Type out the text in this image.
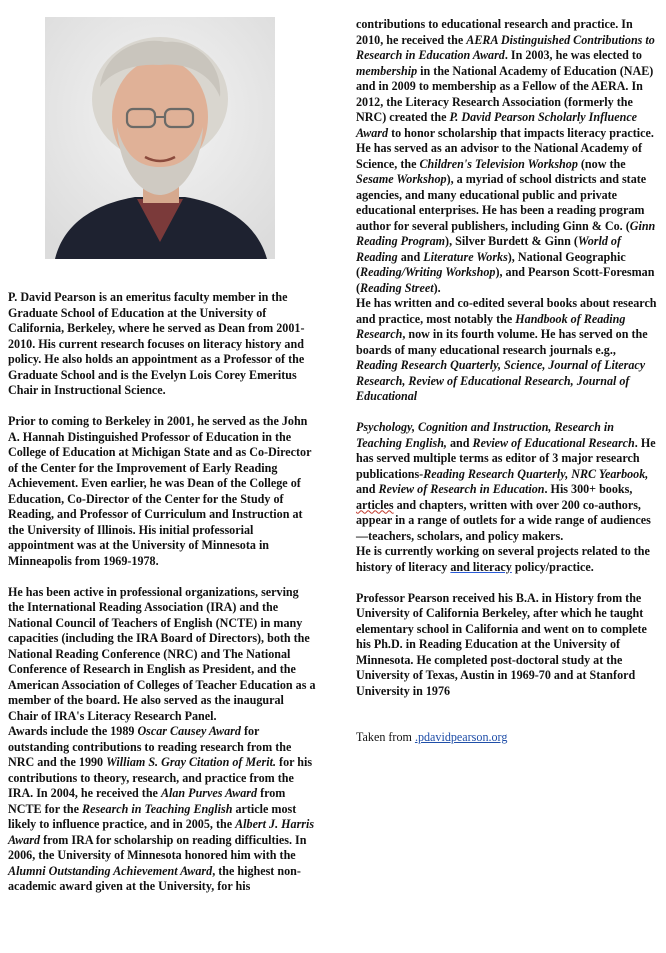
P. David Pearson is an emeritus faculty member in the Graduate School of Education at the University of California, Berkeley, where he served as Dean from 2001-2010. His current research focuses on literacy history and policy. He also holds an appointment as a Professor of the Graduate School and is the Evelyn Lois Corey Emeritus Chair in Instructional Science.

Prior to coming to Berkeley in 2001, he served as the John A. Hannah Distinguished Professor of Education in the College of Education at Michigan State and as Co-Director of the Center for the Improvement of Early Reading Achievement. Even earlier, he was Dean of the College of Education, Co-Director of the Center for the Study of Reading, and Professor of Curriculum and Instruction at the University of Illinois. His initial professorial appointment was at the University of Minnesota in Minneapolis from 1969-1978.

He has been active in professional organizations, serving the International Reading Association (IRA) and the National Council of Teachers of English (NCTE) in many capacities (including the IRA Board of Directors), both the National Reading Conference (NRC) and The National Conference of Research in English as President, and the American Association of Colleges of Teacher Education as a member of the board. He also served as the inaugural Chair of IRA's Literacy Research Panel.

Awards include the 1989 Oscar Causey Award for outstanding contributions to reading research from the NRC and the 1990 William S. Gray Citation of Merit. for his contributions to theory, research, and practice from the IRA. In 2004, he received the Alan Purves Award from NCTE for the Research in Teaching English article most likely to influence practice, and in 2005, the Albert J. Harris Award from IRA for scholarship on reading difficulties. In 2006, the University of Minnesota honored him with the Alumni Outstanding Achievement Award, the highest non-academic award given at the University, for his

contributions to educational research and practice. In 2010, he received the AERA Distinguished Contributions to Research in Education Award. In 2003, he was elected to membership in the National Academy of Education (NAE) and in 2009 to membership as a Fellow of the AERA. In 2012, the Literacy Research Association (formerly the NRC) created the P. David Pearson Scholarly Influence Award to honor scholarship that impacts literacy practice.

He has served as an advisor to the National Academy of Science, the Children's Television Workshop (now the Sesame Workshop), a myriad of school districts and state agencies, and many educational public and private educational enterprises. He has been a reading program author for several publishers, including Ginn & Co. (Ginn Reading Program), Silver Burdett & Ginn (World of Reading and Literature Works), National Geographic (Reading/Writing Workshop), and Pearson Scott-Foresman (Reading Street).

He has written and co-edited several books about research and practice, most notably the Handbook of Reading Research, now in its fourth volume. He has served on the boards of many educational research journals e.g., Reading Research Quarterly, Science, Journal of Literacy Research, Review of Educational Research, Journal of Educational

Psychology, Cognition and Instruction, Research in Teaching English, and Review of Educational Research. He has served multiple terms as editor of 3 major research publications-Reading Research Quarterly, NRC Yearbook, and Review of Research in Education. His 300+ books, articles and chapters, written with over 200 co-authors, appear in a range of outlets for a wide range of audiences—teachers, scholars, and policy makers.

He is currently working on several projects related to the history of literacy and literacy policy/practice.

Professor Pearson received his B.A. in History from the University of California Berkeley, after which he taught elementary school in California and went on to complete his Ph.D. in Reading Education at the University of Minnesota. He completed post-doctoral study at the University of Texas, Austin in 1969-70 and at Stanford University in 1976

Taken from .pdavidpearson.org
